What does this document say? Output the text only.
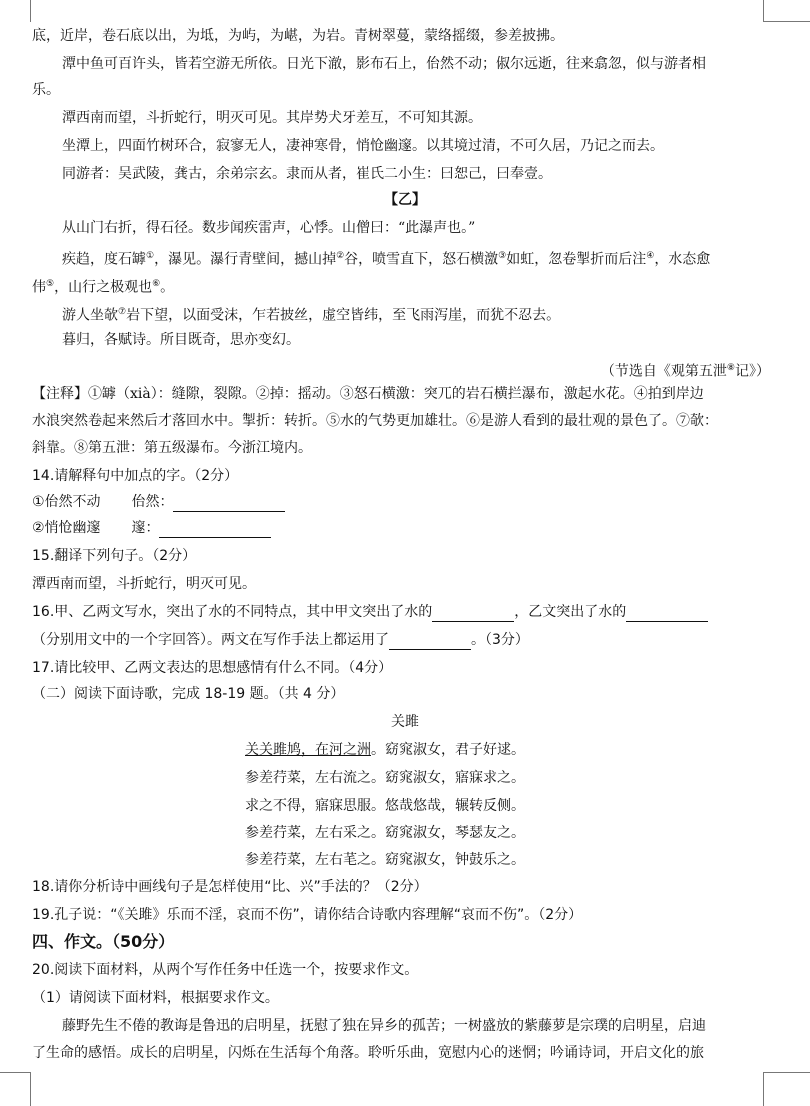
底，近岸，卷石底以出，为坻，为屿，为嵁，为岩。青树翠蔓，蒙络摇缀，参差披拂。
潭中鱼可百许头，皆若空游无所依。日光下澈，影布石上，佁然不动；俶尔远逝，往来翕忽，似与游者相
乐。
潭西南而望，斗折蛇行，明灭可见。其岸势犬牙差互，不可知其源。
坐潭上，四面竹树环合，寂寥无人，凄神寒骨，悄怆幽邃。以其境过清，不可久居，乃记之而去。
同游者：吴武陵，龚古，余弟宗玄。隶而从者，崔氏二小生：曰恕己，曰奉壹。
【乙】
从山门右折，得石径。数步闻疾雷声，心悸。山僧曰：“此瀑声也。”
疾趋，度石罅①，瀑见。瀑行青壁间，撼山掉②谷，喷雪直下，怒石横激③如虹，忽卷掣折而后注④，水态愈
伟⑤，山行之极观也⑥。
游人坐欹⑦岩下望，以面受沫，乍若披丝，虚空皆纬，至飞雨泻崖，而犹不忍去。
暮归，各赋诗。所目既奇，思亦变幻。
（节选自《观第五泄⑧记》）
【注释】①罅（xià）：缝隙，裂隙。②掉：摇动。③怒石横激：突兀的岩石横拦瀑布，激起水花。④拍到岸边
水浪突然卷起来然后才落回水中。掣折：转折。⑤水的气势更加雄壮。⑥是游人看到的最壮观的景色了。⑦欹：
斜靠。⑧第五泄：第五级瀑布。今浙江境内。
14.请解释句中加点的字。（2分）
①佁然不动 佁然：
②悄怆幽邃 邃：
15.翻译下列句子。（2分）
潭西南而望，斗折蛇行，明灭可见。
16.甲、乙两文写水，突出了水的不同特点，其中甲文突出了水的	，乙文突出了水的
（分别用文中的一个字回答）。两文在写作手法上都运用了	。（3分）
17.请比较甲、乙两文表达的思想感情有什么不同。（4分）
（二）阅读下面诗歌，完成 18-19 题。（共 4 分）
关雎
关关雎鸠，在河之洲。窈窕淑女，君子好逑。
参差荇菜，左右流之。窈窕淑女，寤寐求之。
求之不得，寤寐思服。悠哉悠哉，辗转反侧。
参差荇菜，左右采之。窈窕淑女，琴瑟友之。
参差荇菜，左右芼之。窈窕淑女，钟鼓乐之。
18.请你分析诗中画线句子是怎样使用“比、兴”手法的？（2分）
19.孔子说：“《关雎》乐而不淫，哀而不伤”，请你结合诗歌内容理解“哀而不伤”。（2分）
四、作文。（50分）
20.阅读下面材料，从两个写作任务中任选一个，按要求作文。
（1）请阅读下面材料，根据要求作文。
藤野先生不倦的教诲是鲁迅的启明星，抚慰了独在异乡的孤苦；一树盛放的紫藤萝是宗璞的启明星，启迪
了生命的感悟。成长的启明星，闪烁在生活每个角落。聆听乐曲，宽慰内心的迷惘；吟诵诗词，开启文化的旅
